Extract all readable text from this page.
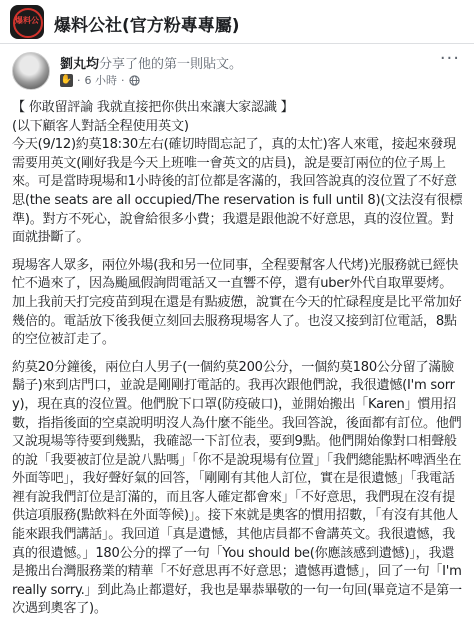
爆料公 爆料公社(官方粉專專屬)
劉丸均分享了他的第一則貼文。
✋ · 6 小時 ·
···

【 你敢留評論 我就直接把你供出來讓大家認識 】

(以下顧客人對話全程使用英文)
今天(9/12)約莫18:30左右(確切時間忘記了，真的太忙)客人來電，接起來發現需要用英文(剛好我是今天上班唯一會英文的店員)，說是要訂兩位的位子馬上來。可是當時現場和1小時後的訂位都是客滿的，我回答說真的沒位置了不好意思(the seats are all occupied/The reservation is full until 8)(文法沒有很標準)。對方不死心，說會給很多小費；我還是跟他說不好意思，真的沒位置。對面就掛斷了。

現場客人眾多，兩位外場(我和另一位同事，全程要幫客人代烤)光服務就已經快忙不過來了，因為颱風假詢問電話又一直響不停，還有uber外代自取單要烤。加上我前天打完疫苗到現在還是有點疲憊，說實在今天的忙碌程度是比平常加好幾倍的。電話放下後我便立刻回去服務現場客人了。也沒又接到訂位電話，8點的空位被訂走了。

約莫20分鐘後，兩位白人男子(一個約莫200公分，一個約莫180公分留了滿臉鬍子)來到店門口，並說是剛剛打電話的。我再次跟他們說，我很遺憾(I'm sorry)，現在真的沒位置。他們脫下口罩(防疫破口)，並開始搬出「Karen」慣用招數，指指後面的空桌說明明沒人為什麼不能坐。我回答說，後面都有訂位。他們又說現場等待要到幾點，我確認一下訂位表，要到9點。他們開始像對口相聲般的說「我要被訂位是說八點嗎」「你不是說現場有位置」「我們總能點杯啤酒坐在外面等吧」，我好聲好氣的回答，「剛剛有其他人訂位，實在是很遺憾」「我電話裡有說我們訂位是訂滿的，而且客人確定都會來」「不好意思，我們現在沒有提供這項服務(點飲料在外面等候)」。接下來就是奧客的慣用招數，「有沒有其他人能來跟我們講話」。我回道「真是遺憾，其他店員都不會講英文。我很遺憾，我真的很遺憾。」180公分的擇了一句「You should be(你應該感到遺憾)」，我還是搬出台灣服務業的精華「不好意思再不好意思；遺憾再遺憾」，回了一句「I'm really sorry.」到此為止都還好，我也是畢恭畢敬的一句一句回(畢竟這不是第一次遇到奧客了)。
